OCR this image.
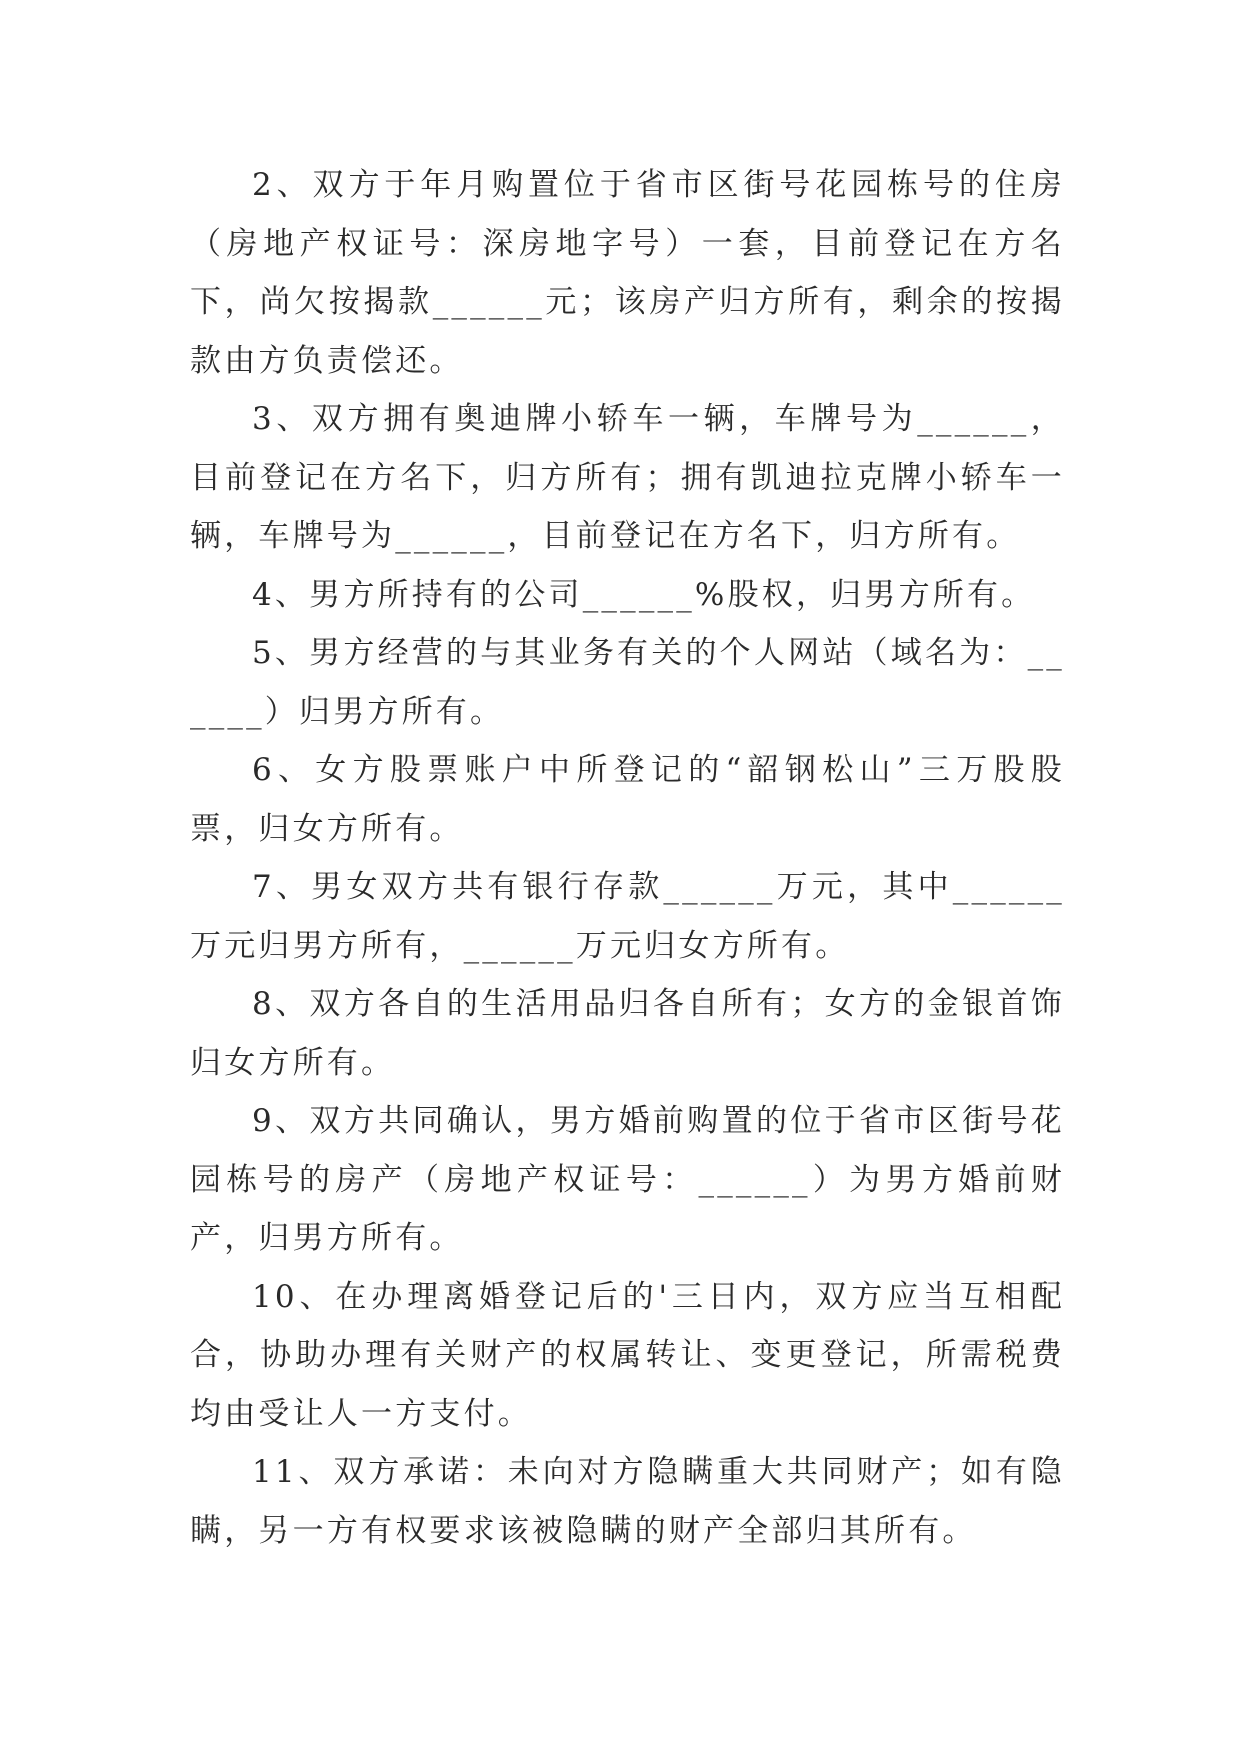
2、双方于年月购置位于省市区街号花园栋号的住房（房地产权证号：深房地字号）一套，目前登记在方名下，尚欠按揭款______元；该房产归方所有，剩余的按揭款由方负责偿还。

3、双方拥有奥迪牌小轿车一辆，车牌号为______，目前登记在方名下，归方所有；拥有凯迪拉克牌小轿车一辆，车牌号为______，目前登记在方名下，归方所有。

4、男方所持有的公司______%股权，归男方所有。

5、男方经营的与其业务有关的个人网站（域名为：______）归男方所有。

6、女方股票账户中所登记的“韶钢松山”三万股股票，归女方所有。

7、男女双方共有银行存款______万元，其中______万元归男方所有，______万元归女方所有。

8、双方各自的生活用品归各自所有；女方的金银首饰归女方所有。

9、双方共同确认，男方婚前购置的位于省市区街号花园栋号的房产（房地产权证号：______）为男方婚前财产，归男方所有。

10、在办理离婚登记后的'三日内，双方应当互相配合，协助办理有关财产的权属转让、变更登记，所需税费均由受让人一方支付。

11、双方承诺：未向对方隐瞒重大共同财产；如有隐瞒，另一方有权要求该被隐瞒的财产全部归其所有。
